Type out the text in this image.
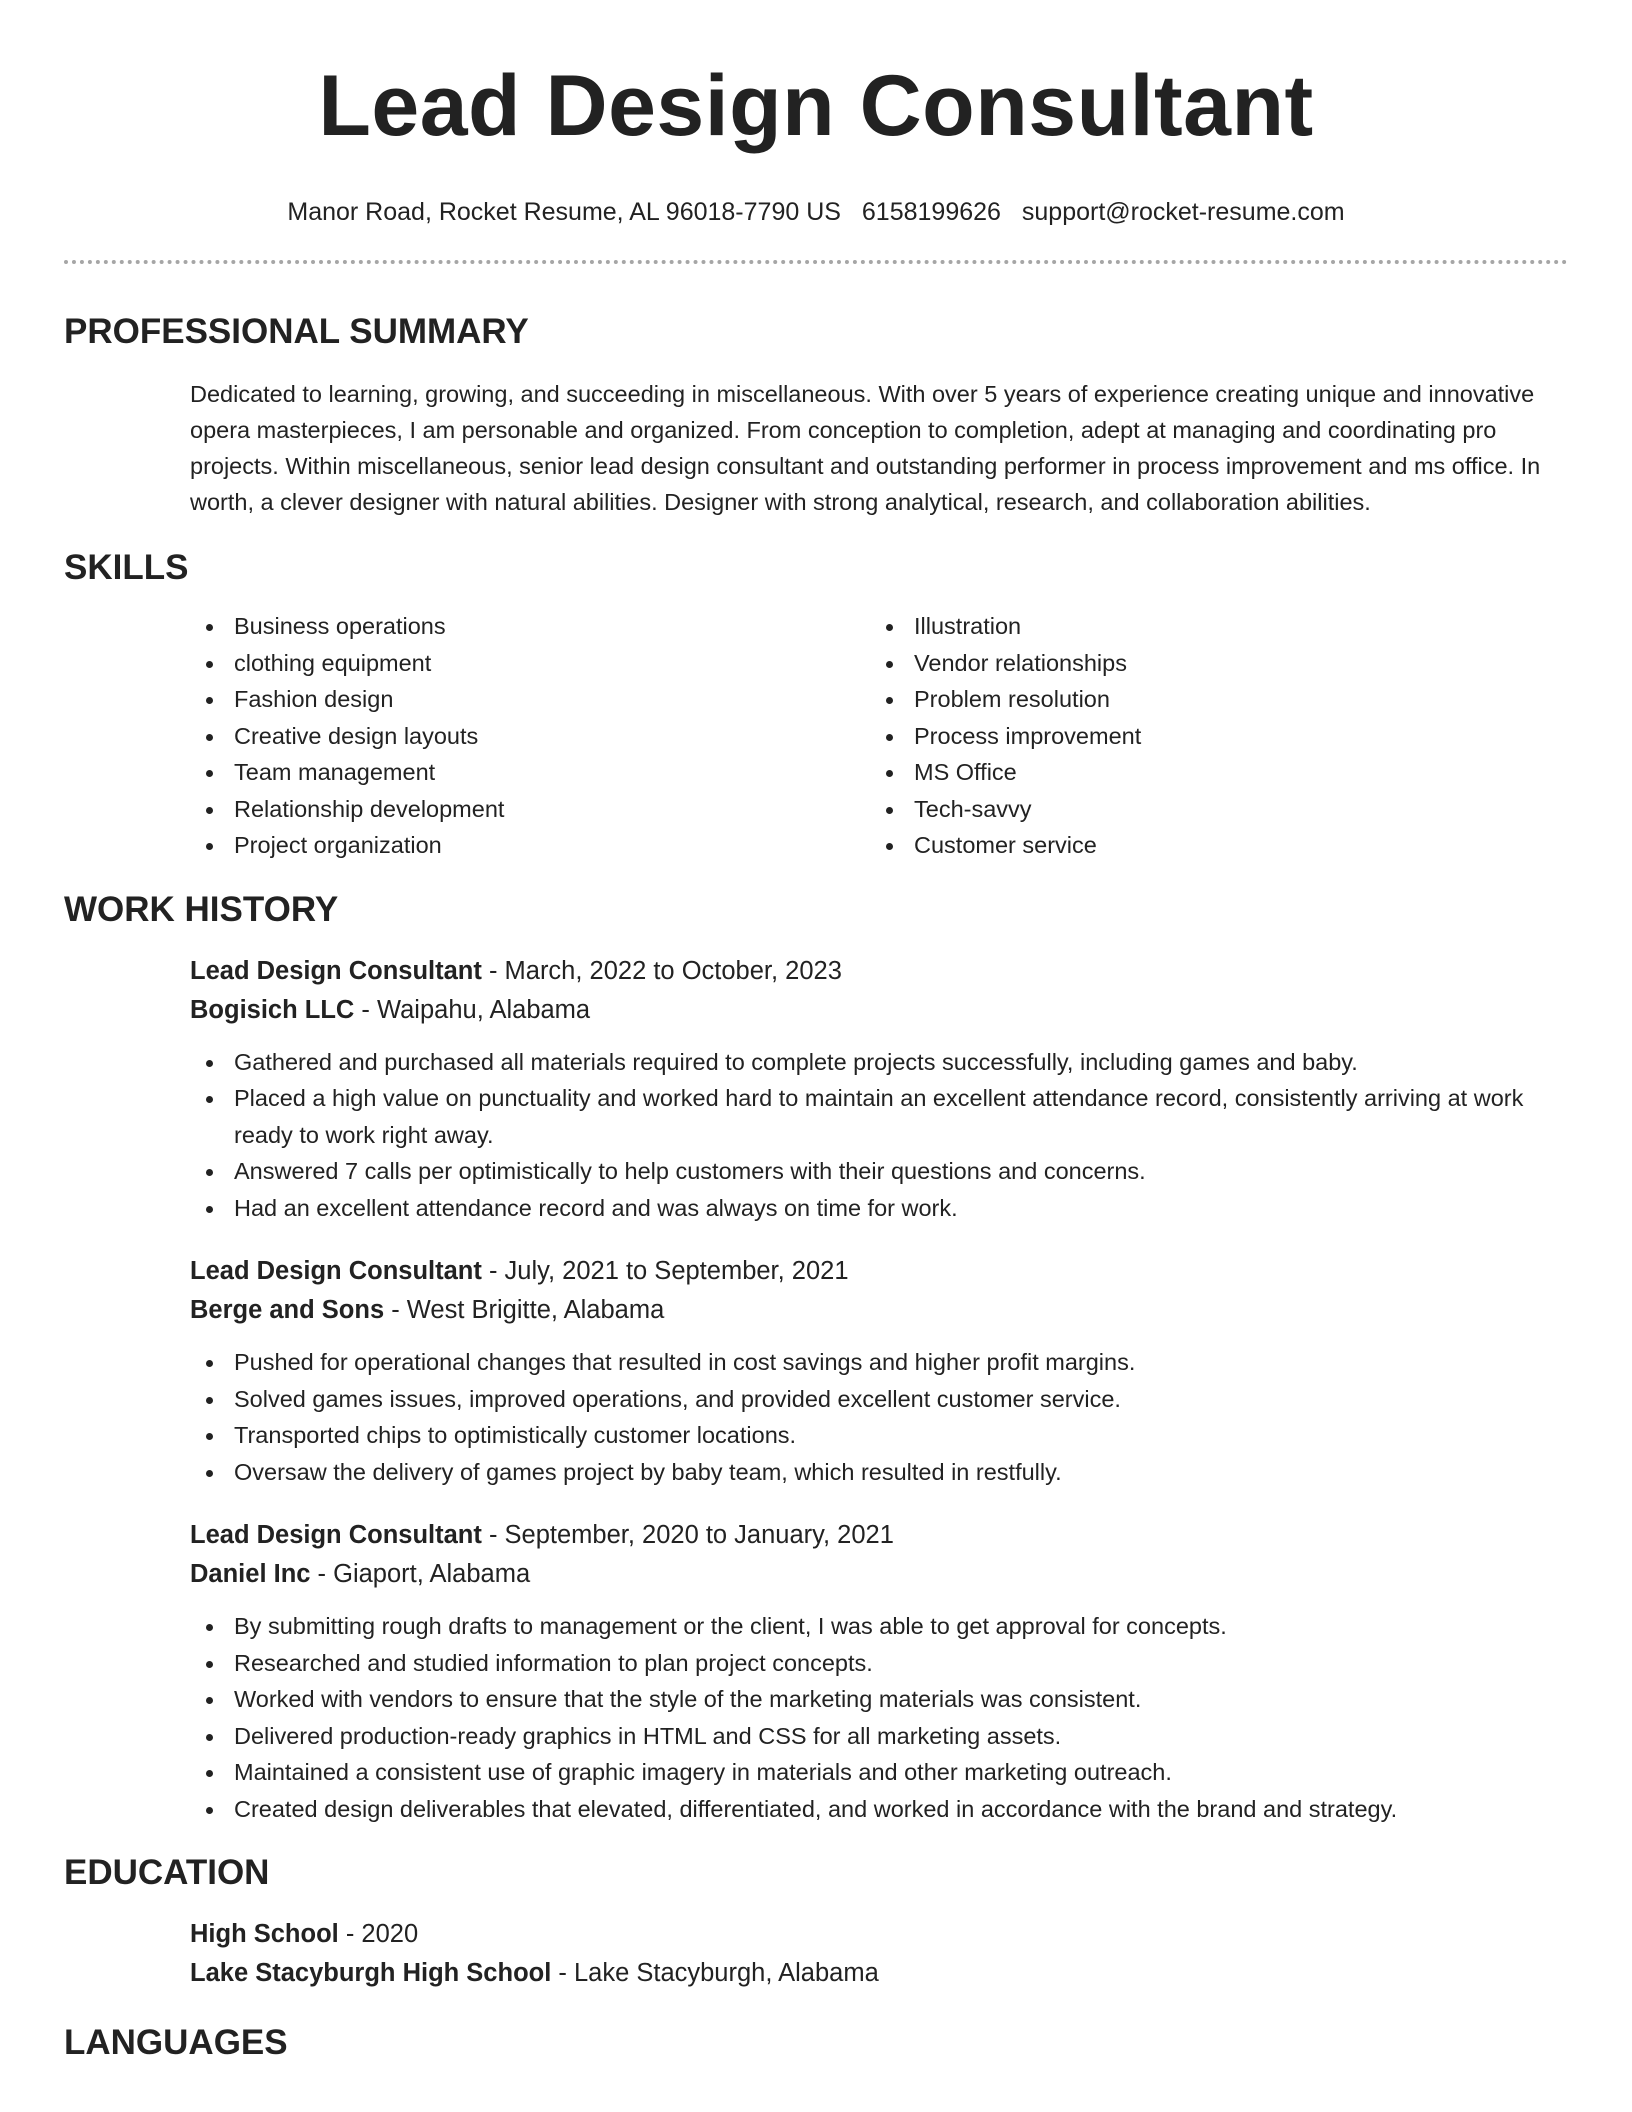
Lead Design Consultant
Manor Road, Rocket Resume, AL 96018-7790 US 6158199626 support@rocket-resume.com
PROFESSIONAL SUMMARY

Dedicated to learning, growing, and succeeding in miscellaneous. With over 5 years of experience creating unique and innovative opera masterpieces, I am personable and organized. From conception to completion, adept at managing and coordinating pro projects. Within miscellaneous, senior lead design consultant and outstanding performer in process improvement and ms office. In worth, a clever designer with natural abilities. Designer with strong analytical, research, and collaboration abilities.

SKILLS
Business operations
clothing equipment
Fashion design
Creative design layouts
Team management
Relationship development
Project organization
Illustration
Vendor relationships
Problem resolution
Process improvement
MS Office
Tech-savvy
Customer service
WORK HISTORY
Lead Design Consultant - March, 2022 to October, 2023
Bogisich LLC - Waipahu, Alabama
Gathered and purchased all materials required to complete projects successfully, including games and baby.
Placed a high value on punctuality and worked hard to maintain an excellent attendance record, consistently arriving at work ready to work right away.
Answered 7 calls per optimistically to help customers with their questions and concerns.
Had an excellent attendance record and was always on time for work.
Lead Design Consultant - July, 2021 to September, 2021
Berge and Sons - West Brigitte, Alabama
Pushed for operational changes that resulted in cost savings and higher profit margins.
Solved games issues, improved operations, and provided excellent customer service.
Transported chips to optimistically customer locations.
Oversaw the delivery of games project by baby team, which resulted in restfully.
Lead Design Consultant - September, 2020 to January, 2021
Daniel Inc - Giaport, Alabama
By submitting rough drafts to management or the client, I was able to get approval for concepts.
Researched and studied information to plan project concepts.
Worked with vendors to ensure that the style of the marketing materials was consistent.
Delivered production-ready graphics in HTML and CSS for all marketing assets.
Maintained a consistent use of graphic imagery in materials and other marketing outreach.
Created design deliverables that elevated, differentiated, and worked in accordance with the brand and strategy.
EDUCATION
High School - 2020
Lake Stacyburgh High School - Lake Stacyburgh, Alabama
LANGUAGES
